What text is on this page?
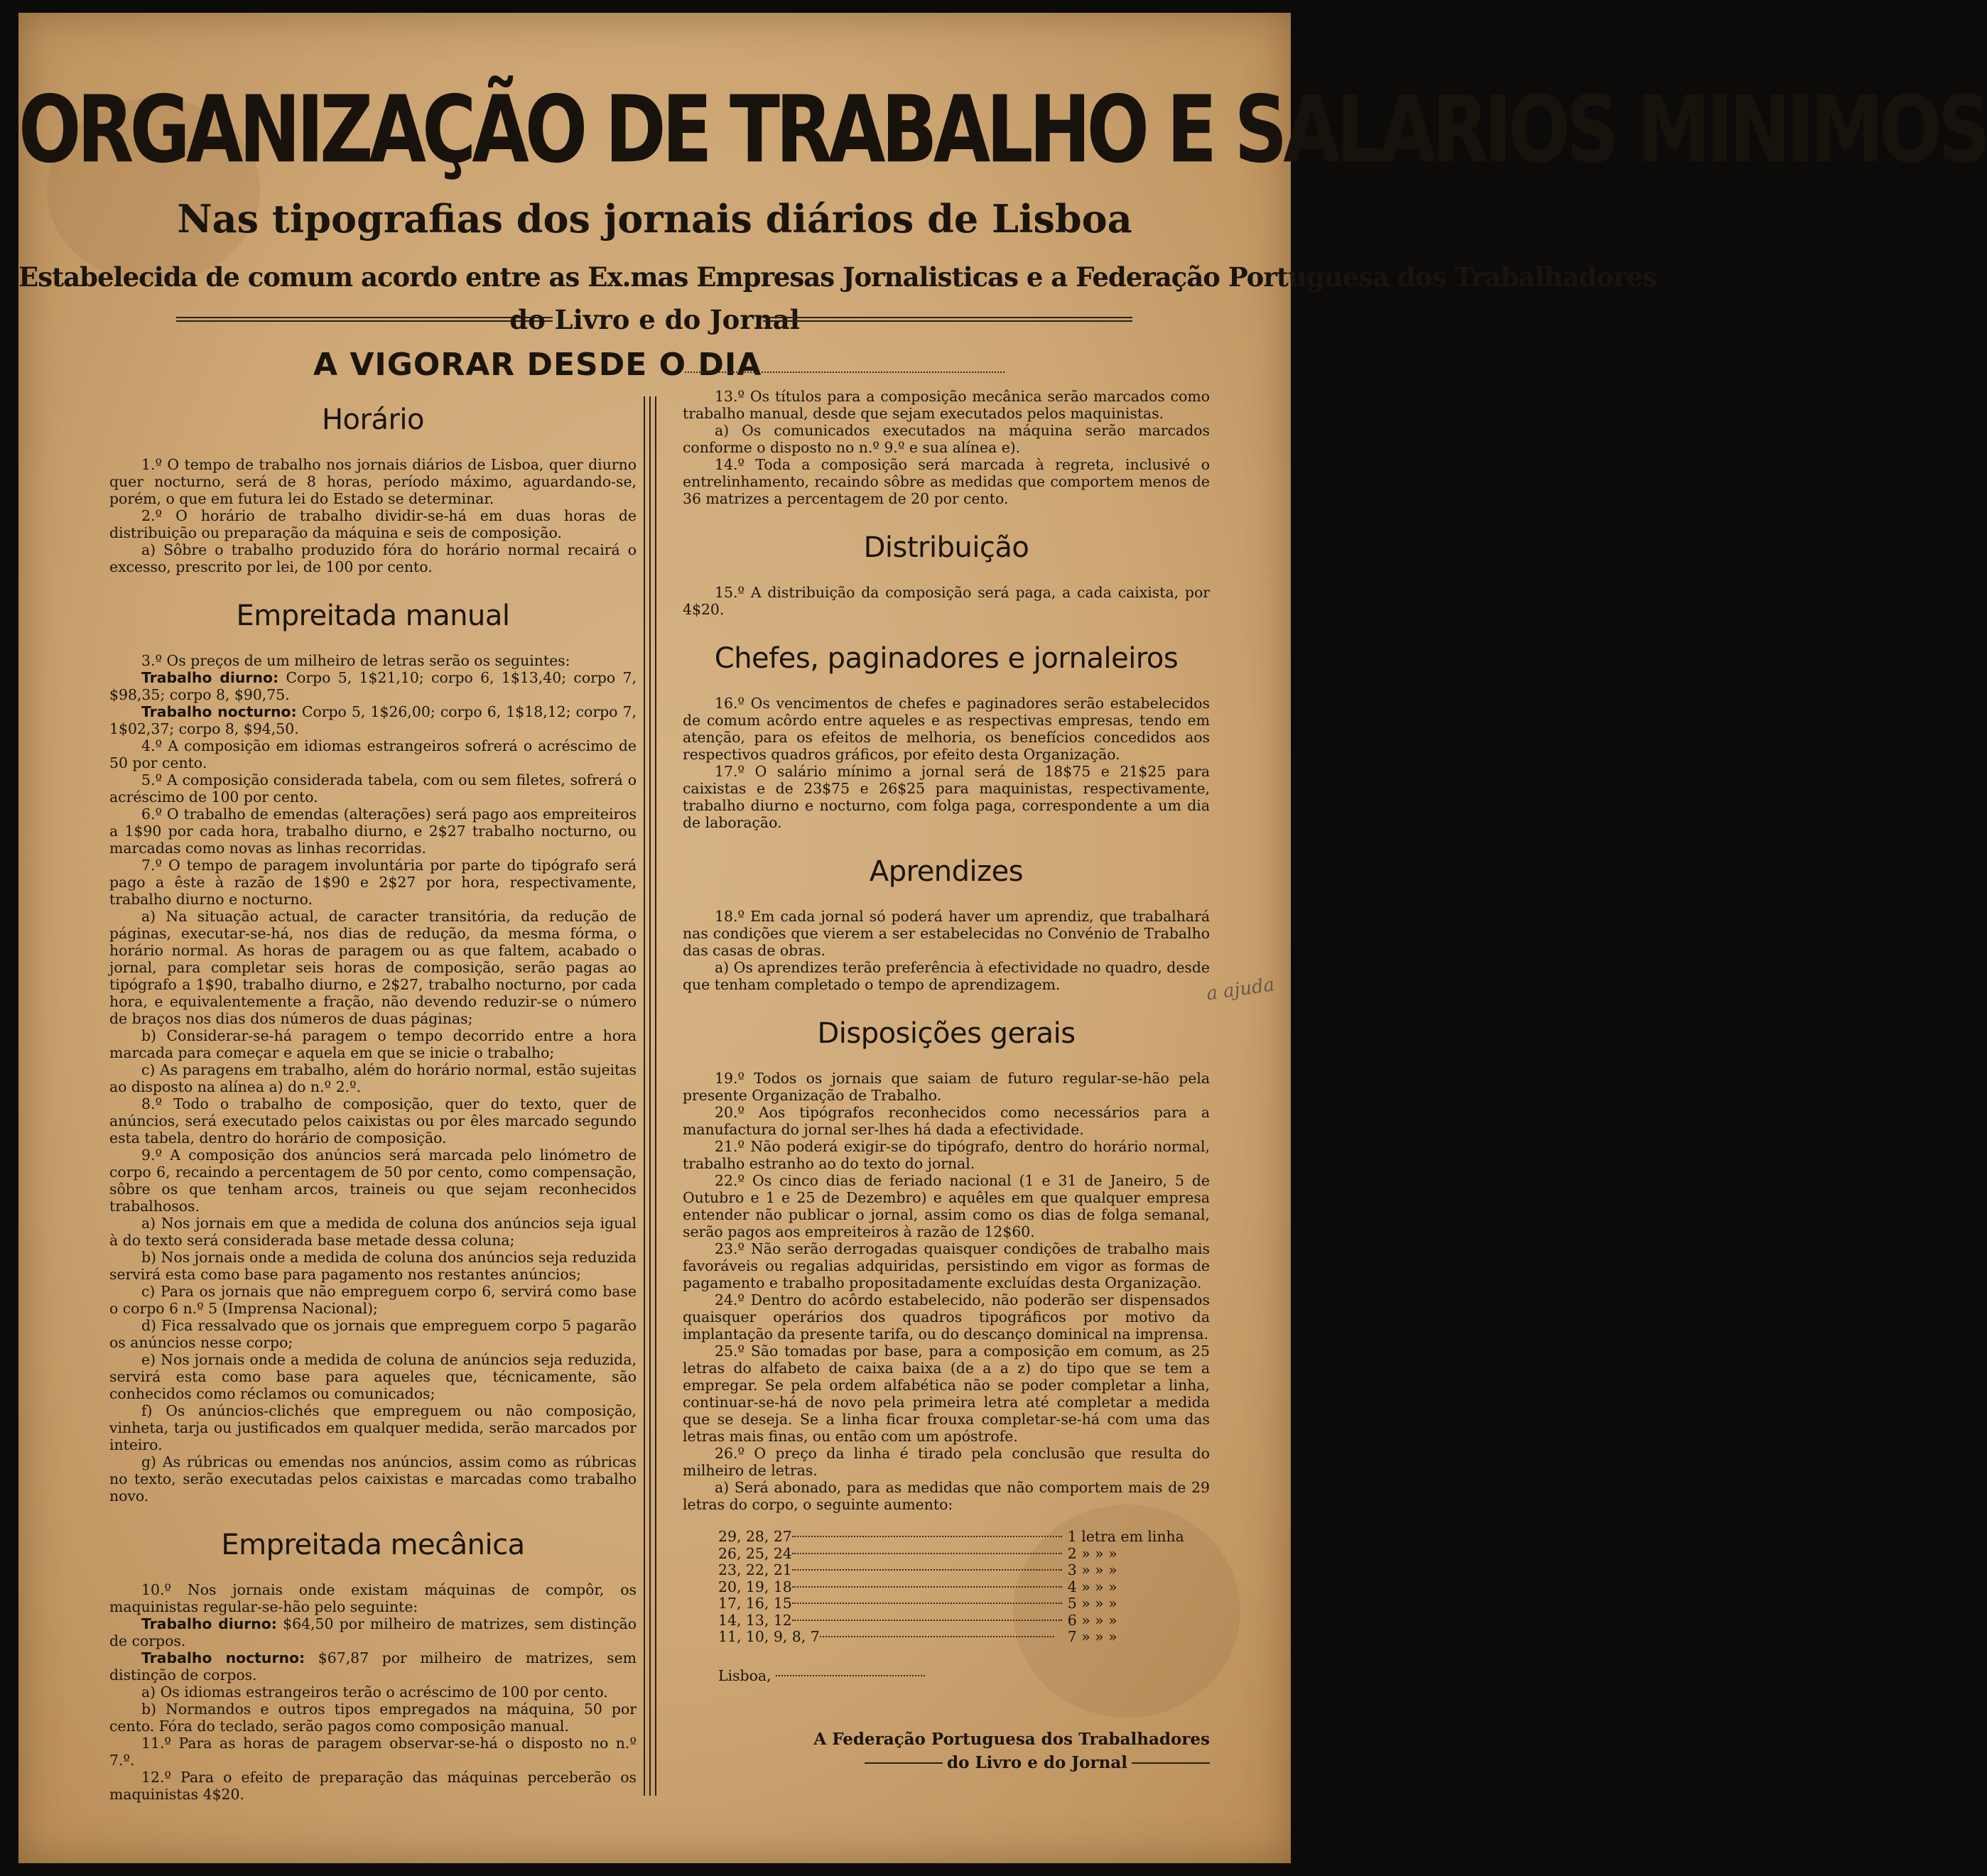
ORGANIZAÇÃO DE TRABALHO E SALARIOS MINIMOS
Nas tipografias dos jornais diários de Lisboa
Estabelecida de comum acordo entre as Ex.mas Empresas Jornalisticas e a Federação Portuguesa dos Trabalhadores
do Livro e do Jornal
A VIGORAR DESDE O DIA
Horário

1.º O tempo de trabalho nos jornais diários de Lisboa, quer diurno quer nocturno, será de 8 horas, período máximo, aguardando-se, porém, o que em futura lei do Estado se determinar.

2.º O horário de trabalho dividir-se-há em duas horas de distribuição ou preparação da máquina e seis de composição.

a) Sôbre o trabalho produzido fóra do horário normal recairá o excesso, prescrito por lei, de 100 por cento.

Empreitada manual

3.º Os preços de um milheiro de letras serão os seguintes:

Trabalho diurno: Corpo 5, 1$21,10; corpo 6, 1$13,40; corpo 7, $98,35; corpo 8, $90,75.

Trabalho nocturno: Corpo 5, 1$26,00; corpo 6, 1$18,12; corpo 7, 1$02,37; corpo 8, $94,50.

4.º A composição em idiomas estrangeiros sofrerá o acréscimo de 50 por cento.

5.º A composição considerada tabela, com ou sem filetes, sofrerá o acréscimo de 100 por cento.

6.º O trabalho de emendas (alterações) será pago aos empreiteiros a 1$90 por cada hora, trabalho diurno, e 2$27 trabalho nocturno, ou marcadas como novas as linhas recorridas.

7.º O tempo de paragem involuntária por parte do tipógrafo será pago a êste à razão de 1$90 e 2$27 por hora, respectivamente, trabalho diurno e nocturno.

a) Na situação actual, de caracter transitória, da redução de páginas, executar-se-há, nos dias de redução, da mesma fórma, o horário normal. As horas de paragem ou as que faltem, acabado o jornal, para completar seis horas de composição, serão pagas ao tipógrafo a 1$90, trabalho diurno, e 2$27, trabalho nocturno, por cada hora, e equivalentemente a fração, não devendo reduzir-se o número de braços nos dias dos números de duas páginas;

b) Considerar-se-há paragem o tempo decorrido entre a hora marcada para começar e aquela em que se inicie o trabalho;

c) As paragens em trabalho, além do horário normal, estão sujeitas ao disposto na alínea a) do n.º 2.º.

8.º Todo o trabalho de composição, quer do texto, quer de anúncios, será executado pelos caixistas ou por êles marcado segundo esta tabela, dentro do horário de composição.

9.º A composição dos anúncios será marcada pelo linómetro de corpo 6, recaindo a percentagem de 50 por cento, como compensação, sôbre os que tenham arcos, traineis ou que sejam reconhecidos trabalhosos.

a) Nos jornais em que a medida de coluna dos anúncios seja igual à do texto será considerada base metade dessa coluna;

b) Nos jornais onde a medida de coluna dos anúncios seja reduzida servirá esta como base para pagamento nos restantes anúncios;

c) Para os jornais que não empreguem corpo 6, servirá como base o corpo 6 n.º 5 (Imprensa Nacional);

d) Fica ressalvado que os jornais que empreguem corpo 5 pagarão os anúncios nesse corpo;

e) Nos jornais onde a medida de coluna de anúncios seja reduzida, servirá esta como base para aqueles que, técnicamente, são conhecidos como réclamos ou comunicados;

f) Os anúncios-clichés que empreguem ou não composição, vinheta, tarja ou justificados em qualquer medida, serão marcados por inteiro.

g) As rúbricas ou emendas nos anúncios, assim como as rúbricas no texto, serão executadas pelos caixistas e marcadas como trabalho novo.

Empreitada mecânica

10.º Nos jornais onde existam máquinas de compôr, os maquinistas regular-se-hão pelo seguinte:

Trabalho diurno: $64,50 por milheiro de matrizes, sem distinção de corpos.

Trabalho nocturno: $67,87 por milheiro de matrizes, sem distinção de corpos.

a) Os idiomas estrangeiros terão o acréscimo de 100 por cento.

b) Normandos e outros tipos empregados na máquina, 50 por cento. Fóra do teclado, serão pagos como composição manual.

11.º Para as horas de paragem observar-se-há o disposto no n.º 7.º.

12.º Para o efeito de preparação das máquinas perceberão os maquinistas 4$20.

13.º Os títulos para a composição mecânica serão marcados como trabalho manual, desde que sejam executados pelos maquinistas.

a) Os comunicados executados na máquina serão marcados conforme o disposto no n.º 9.º e sua alínea e).

14.º Toda a composição será marcada à regreta, inclusivé o entrelinhamento, recaindo sôbre as medidas que comportem menos de 36 matrizes a percentagem de 20 por cento.

Distribuição

15.º A distribuição da composição será paga, a cada caixista, por 4$20.

Chefes, paginadores e jornaleiros

16.º Os vencimentos de chefes e paginadores serão estabelecidos de comum acôrdo entre aqueles e as respectivas empresas, tendo em atenção, para os efeitos de melhoria, os benefícios concedidos aos respectivos quadros gráficos, por efeito desta Organização.

17.º O salário mínimo a jornal será de 18$75 e 21$25 para caixistas e de 23$75 e 26$25 para maquinistas, respectivamente, trabalho diurno e nocturno, com folga paga, correspondente a um dia de laboração.

Aprendizes

18.º Em cada jornal só poderá haver um aprendiz, que trabalhará nas condições que vierem a ser estabelecidas no Convénio de Trabalho das casas de obras.

a) Os aprendizes terão preferência à efectividade no quadro, desde que tenham completado o tempo de aprendizagem.

Disposições gerais

19.º Todos os jornais que saiam de futuro regular-se-hão pela presente Organização de Trabalho.

20.º Aos tipógrafos reconhecidos como necessários para a manufactura do jornal ser-lhes há dada a efectividade.

21.º Não poderá exigir-se do tipógrafo, dentro do horário normal, trabalho estranho ao do texto do jornal.

22.º Os cinco dias de feriado nacional (1 e 31 de Janeiro, 5 de Outubro e 1 e 25 de Dezembro) e aquêles em que qualquer empresa entender não publicar o jornal, assim como os dias de folga semanal, serão pagos aos empreiteiros à razão de 12$60.

23.º Não serão derrogadas quaisquer condições de trabalho mais favoráveis ou regalias adquiridas, persistindo em vigor as formas de pagamento e trabalho propositadamente excluídas desta Organização.

24.º Dentro do acôrdo estabelecido, não poderão ser dispensados quaisquer operários dos quadros tipográficos por motivo da implantação da presente tarifa, ou do descanço dominical na imprensa.

25.º São tomadas por base, para a composição em comum, as 25 letras do alfabeto de caixa baixa (de a a z) do tipo que se tem a empregar. Se pela ordem alfabética não se poder completar a linha, continuar-se-há de novo pela primeira letra até completar a medida que se deseja. Se a linha ficar frouxa completar-se-há com uma das letras mais finas, ou então com um apóstrofe.

26.º O preço da linha é tirado pela conclusão que resulta do milheiro de letras.

a) Será abonado, para as medidas que não comportem mais de 29 letras do corpo, o seguinte aumento:

29, 28, 27	1 letra em linha
26, 25, 24	2 » » »
23, 22, 21	3 » » »
20, 19, 18	4 » » »
17, 16, 15	5 » » »
14, 13, 12	6 » » »
11, 10, 9, 8, 7	7 » » »
Lisboa,
A Federação Portuguesa dos Trabalhadores
do Livro e do Jornal
a ajuda
